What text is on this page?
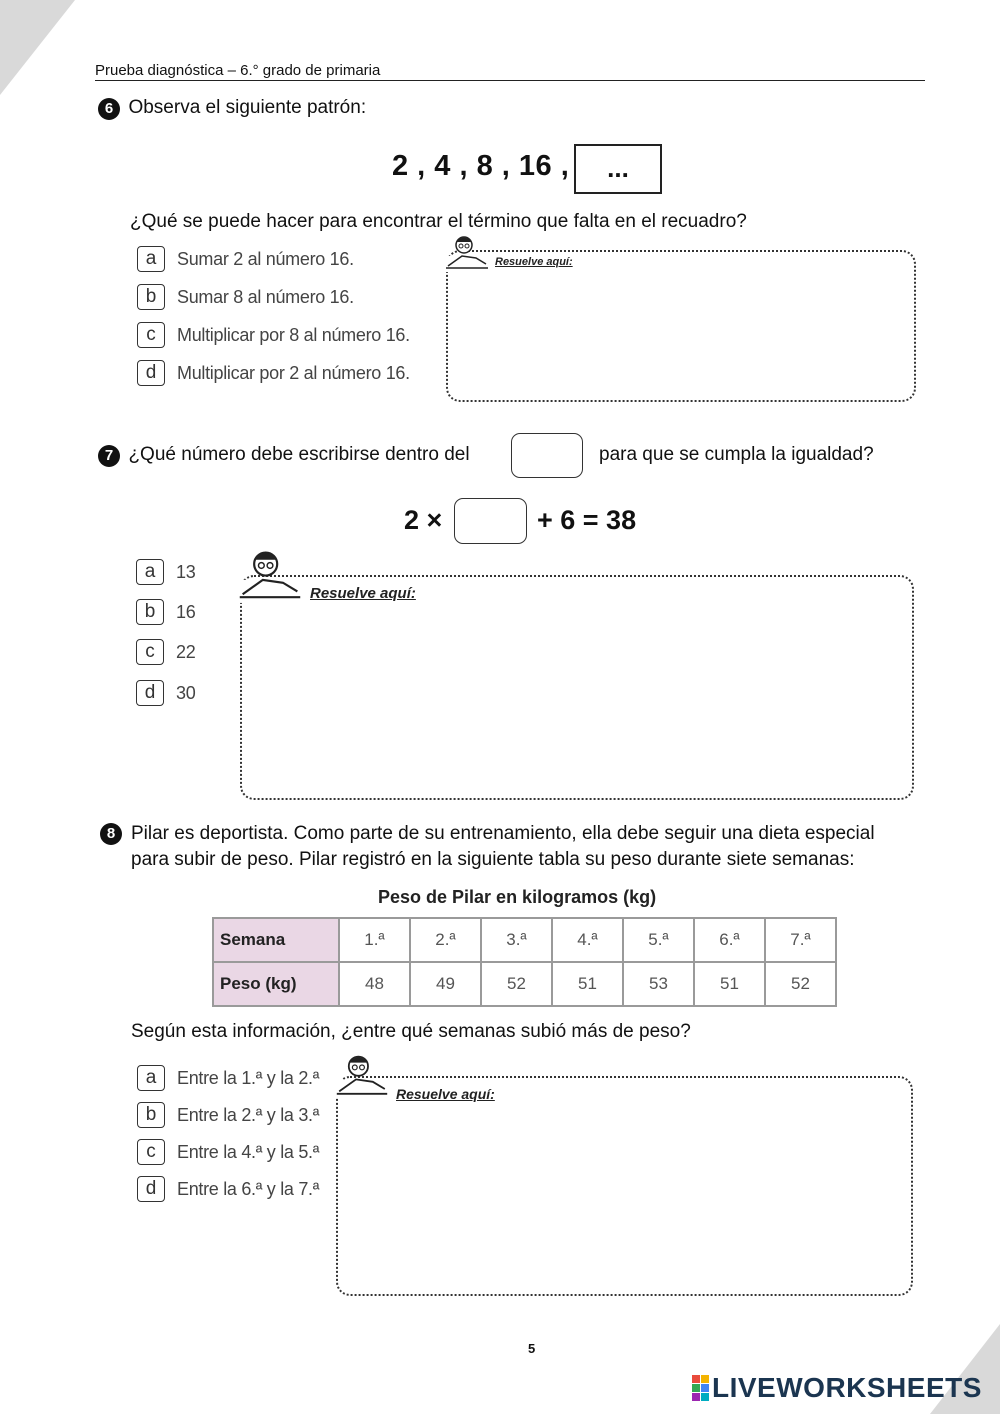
Prueba diagnóstica – 6.° grado de primaria
6 Observa el siguiente patrón:
2 , 4 , 8 , 16 ,	...
¿Qué se puede hacer para encontrar el término que falta en el recuadro?
a	Sumar 2 al número 16.
b	Sumar 8 al número 16.
c	Multiplicar por 8 al número 16.
d	Multiplicar por 2 al número 16.
Resuelve aquí:
7 ¿Qué número debe escribirse dentro del	para que se cumpla la igualdad?
2 ×	+ 6 = 38
a	13
b	16
c	22
d	30
Resuelve aquí:
8 Pilar es deportista. Como parte de su entrenamiento, ella debe seguir una dieta especial
para subir de peso. Pilar registró en la siguiente tabla su peso durante siete semanas:
Peso de Pilar en kilogramos (kg)
Semana	1.ª	2.ª	3.ª	4.ª	5.ª	6.ª	7.ª
Peso (kg)	48	49	52	51	53	51	52
Según esta información, ¿entre qué semanas subió más de peso?
a	Entre la 1.ª y la 2.ª
b	Entre la 2.ª y la 3.ª
c	Entre la 4.ª y la 5.ª
d	Entre la 6.ª y la 7.ª
Resuelve aquí:
5
LIVEWORKSHEETS
